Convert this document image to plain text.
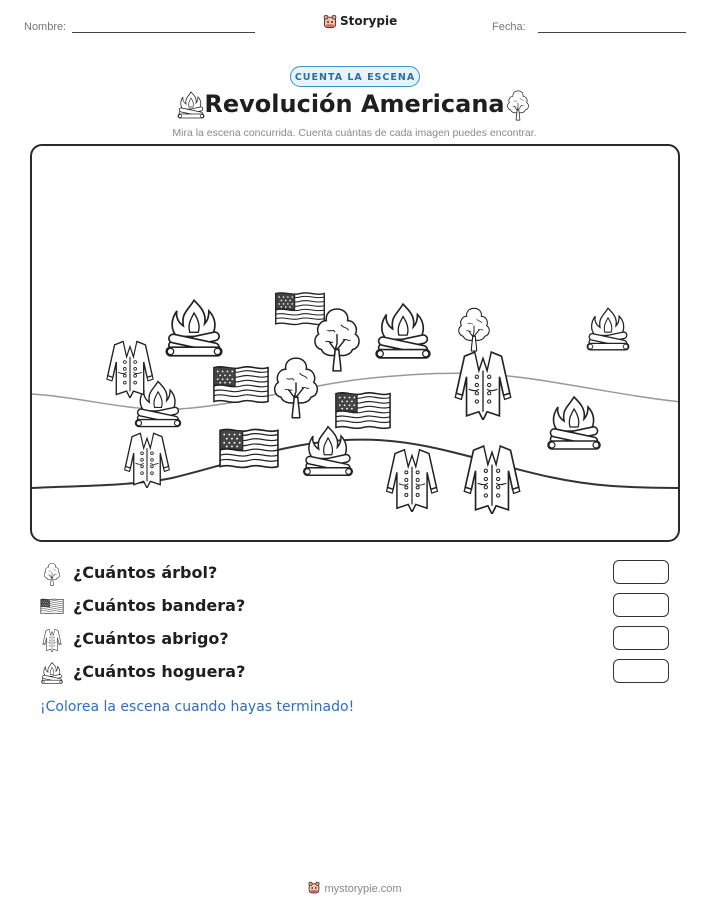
Nombre:	Storypie	Fecha:
CUENTA LA ESCENA
Revolución Americana
Mira la escena concurrida. Cuenta cuántas de cada imagen puedes encontrar.
¿Cuántos árbol?
¿Cuántos bandera?
¿Cuántos abrigo?
¿Cuántos hoguera?
¡Colorea la escena cuando hayas terminado!
mystorypie.com
